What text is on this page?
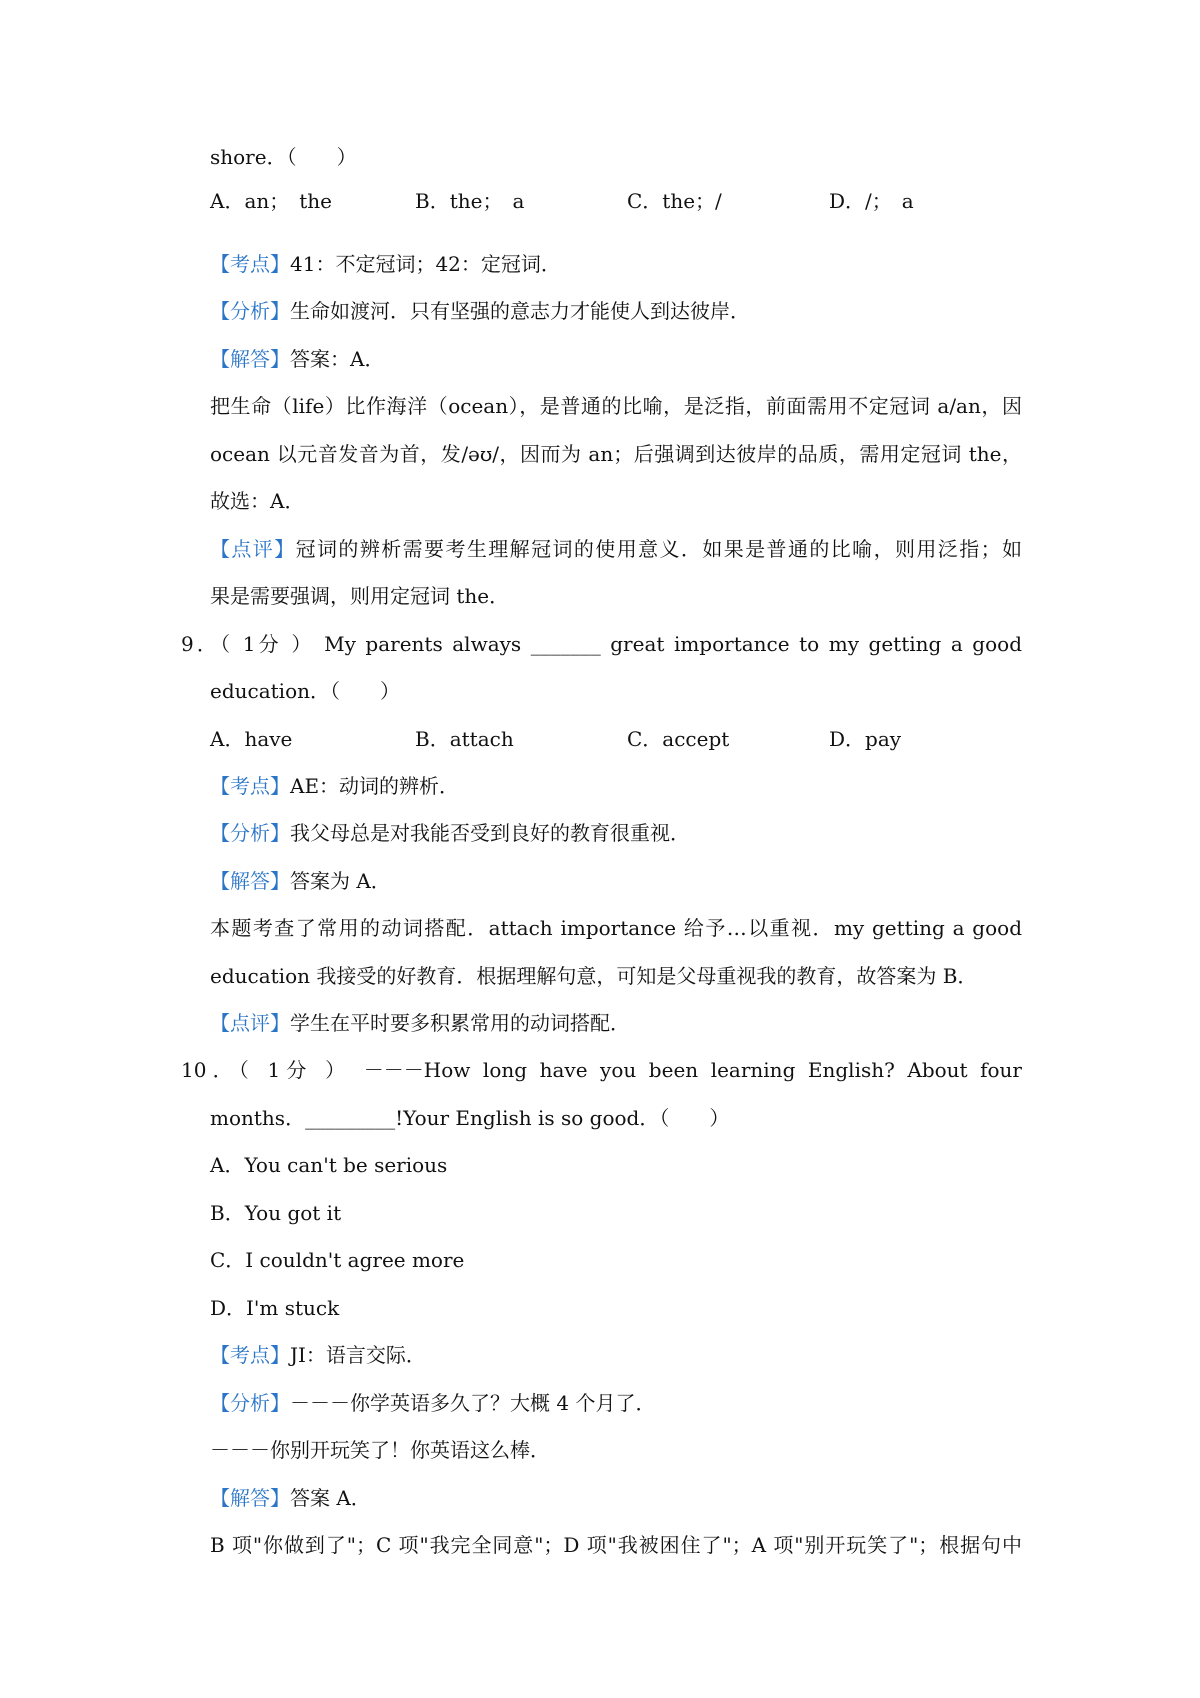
shore．（　　）
A．an；　the	B．the；　a	C．the；/	D．/；　a
【考点】41：不定冠词；42：定冠词．
【分析】生命如渡河．只有坚强的意志力才能使人到达彼岸．
【解答】答案：A．
把生命（life）比作海洋（ocean），是普通的比喻，是泛指，前面需用不定冠词 a/an，因
ocean 以元音发音为首，发/əʊ/，因而为 an；后强调到达彼岸的品质，需用定冠词 the，
故选：A．
【点评】冠词的辨析需要考生理解冠词的使用意义．如果是普通的比喻，则用泛指；如
果是需要强调，则用定冠词 the．
9．（ 1分 ） My parents always _______ great importance to my getting a good
education．（　　）
A．have	B．attach	C．accept	D．pay
【考点】AE：动词的辨析．
【分析】我父母总是对我能否受到良好的教育很重视．
【解答】答案为 A．
本题考查了常用的动词搭配．attach importance 给予…以重视．my getting a good
education 我接受的好教育．根据理解句意，可知是父母重视我的教育，故答案为 B．
【点评】学生在平时要多积累常用的动词搭配．
10．（ 1分 ） －－－How long have you been learning English? About four
months．_________!Your English is so good．（　　）
A．You can't be serious
B．You got it
C．I couldn't agree more
D．I'm stuck
【考点】JI：语言交际．
【分析】－－－你学英语多久了？大概 4 个月了．
－－－你别开玩笑了！你英语这么棒．
【解答】答案 A．
B 项"你做到了"；C 项"我完全同意"；D 项"我被困住了"；A 项"别开玩笑了"；根据句中
